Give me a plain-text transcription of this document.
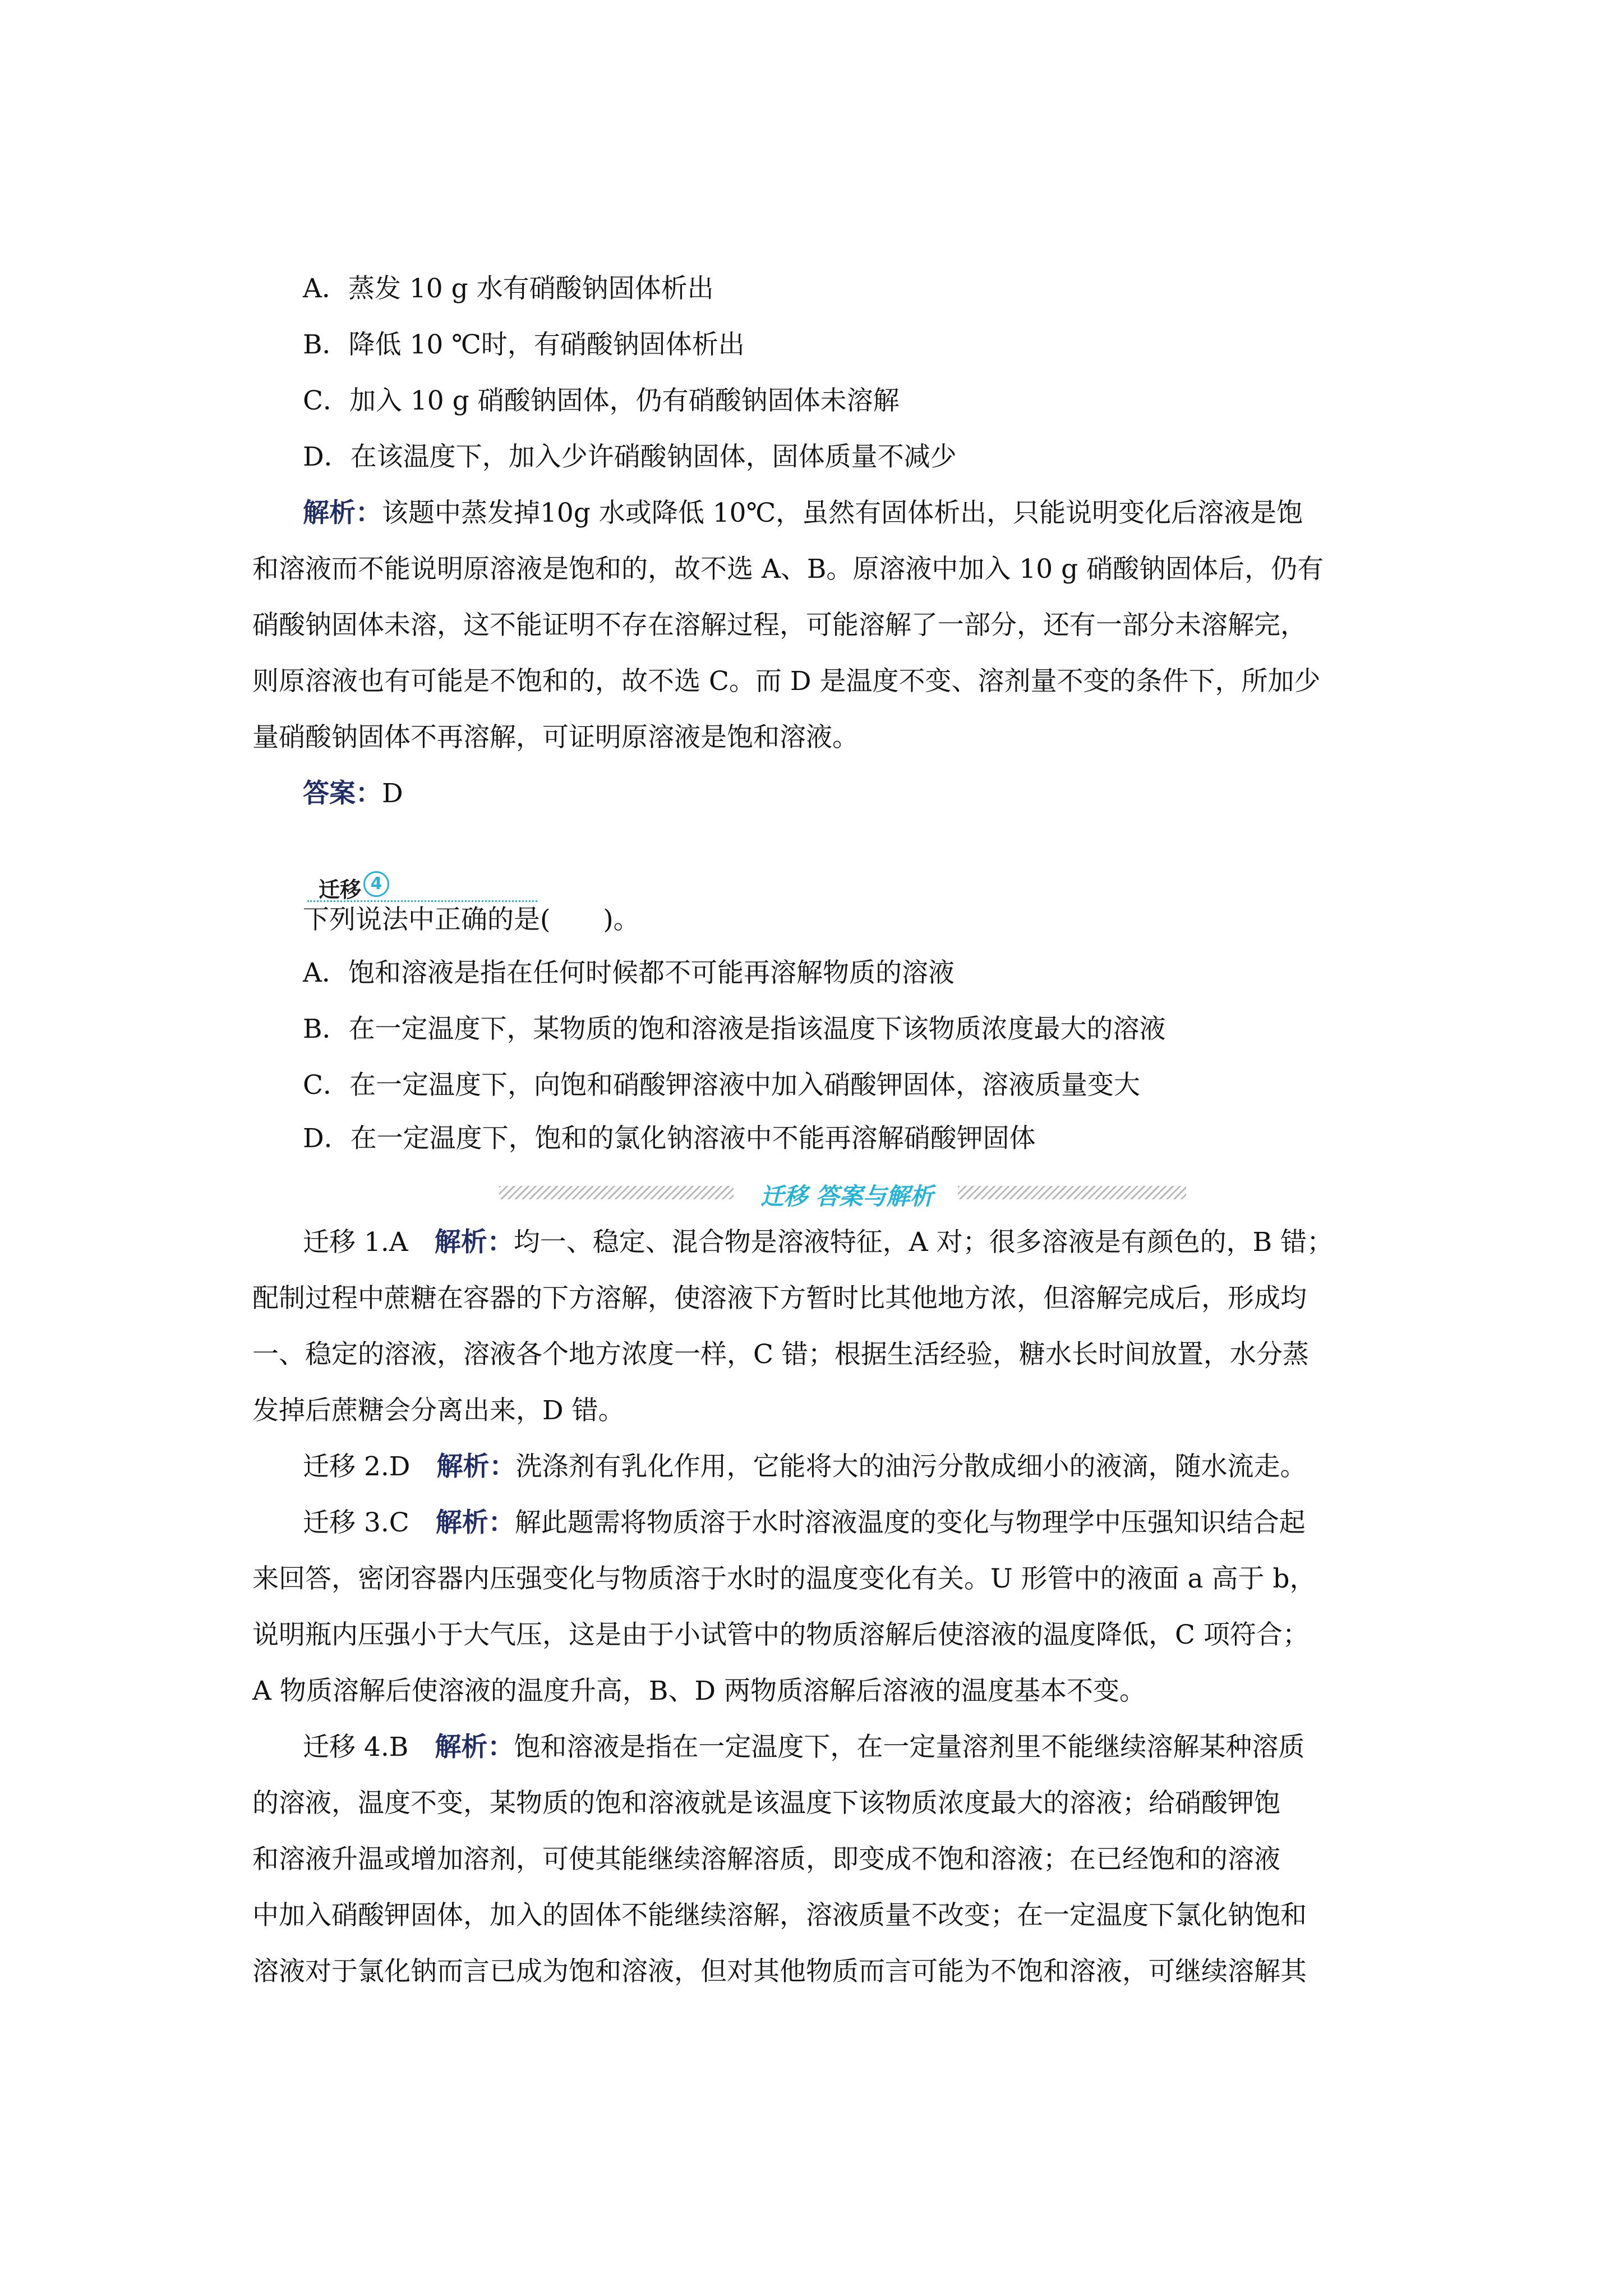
A．蒸发 10 g 水有硝酸钠固体析出
B．降低 10 ℃时，有硝酸钠固体析出
C．加入 10 g 硝酸钠固体，仍有硝酸钠固体未溶解
D．在该温度下，加入少许硝酸钠固体，固体质量不减少
解析：该题中蒸发掉10g 水或降低 10℃，虽然有固体析出，只能说明变化后溶液是饱
和溶液而不能说明原溶液是饱和的，故不选 A、B。原溶液中加入 10 g 硝酸钠固体后，仍有
硝酸钠固体未溶，这不能证明不存在溶解过程，可能溶解了一部分，还有一部分未溶解完，
则原溶液也有可能是不饱和的，故不选 C。而 D 是温度不变、溶剂量不变的条件下，所加少
量硝酸钠固体不再溶解，可证明原溶液是饱和溶液。
答案：D
迁移 4
下列说法中正确的是(　　)。
A．饱和溶液是指在任何时候都不可能再溶解物质的溶液
B．在一定温度下，某物质的饱和溶液是指该温度下该物质浓度最大的溶液
C．在一定温度下，向饱和硝酸钾溶液中加入硝酸钾固体，溶液质量变大
D．在一定温度下，饱和的氯化钠溶液中不能再溶解硝酸钾固体
迁移 答案与解析
迁移 1.A　 解析：均一、稳定、混合物是溶液特征，A 对；很多溶液是有颜色的，B 错；
配制过程中蔗糖在容器的下方溶解，使溶液下方暂时比其他地方浓，但溶解完成后，形成均
一、稳定的溶液，溶液各个地方浓度一样，C 错；根据生活经验，糖水长时间放置，水分蒸
发掉后蔗糖会分离出来，D 错。
迁移 2.D　 解析：洗涤剂有乳化作用，它能将大的油污分散成细小的液滴，随水流走。
迁移 3.C　 解析：解此题需将物质溶于水时溶液温度的变化与物理学中压强知识结合起
来回答，密闭容器内压强变化与物质溶于水时的温度变化有关。U 形管中的液面 a 高于 b，
说明瓶内压强小于大气压，这是由于小试管中的物质溶解后使溶液的温度降低，C 项符合；
A 物质溶解后使溶液的温度升高，B、D 两物质溶解后溶液的温度基本不变。
迁移 4.B　 解析：饱和溶液是指在一定温度下，在一定量溶剂里不能继续溶解某种溶质
的溶液，温度不变，某物质的饱和溶液就是该温度下该物质浓度最大的溶液；给硝酸钾饱
和溶液升温或增加溶剂，可使其能继续溶解溶质，即变成不饱和溶液；在已经饱和的溶液
中加入硝酸钾固体，加入的固体不能继续溶解，溶液质量不改变；在一定温度下氯化钠饱和
溶液对于氯化钠而言已成为饱和溶液，但对其他物质而言可能为不饱和溶液，可继续溶解其
